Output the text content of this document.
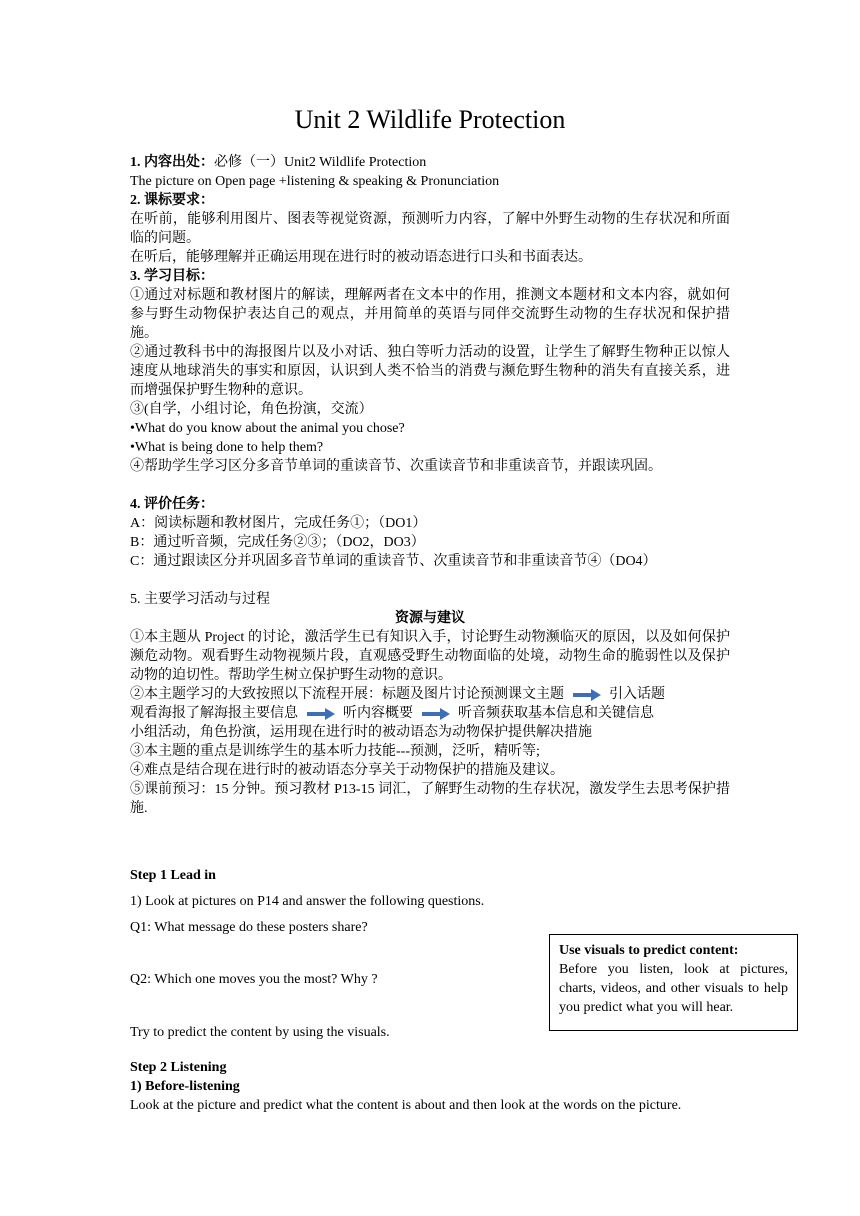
Unit 2 Wildlife Protection

1. 内容出处：必修（一）Unit2 Wildlife Protection

The picture on Open page +listening & speaking & Pronunciation

2. 课标要求：

在听前，能够利用图片、图表等视觉资源，预测听力内容，了解中外野生动物的生存状况和所面临的问题。

在听后，能够理解并正确运用现在进行时的被动语态进行口头和书面表达。

3. 学习目标：

①通过对标题和教材图片的解读，理解两者在文本中的作用，推测文本题材和文本内容，就如何参与野生动物保护表达自己的观点，并用简单的英语与同伴交流野生动物的生存状况和保护措施。

②通过教科书中的海报图片以及小对话、独白等听力活动的设置，让学生了解野生物种正以惊人速度从地球消失的事实和原因，认识到人类不恰当的消费与濒危野生物种的消失有直接关系，进而增强保护野生物种的意识。

③(自学，小组讨论，角色扮演，交流）

•What do you know about the animal you chose?

•What is being done to help them?

④帮助学生学习区分多音节单词的重读音节、次重读音节和非重读音节，并跟读巩固。

4. 评价任务：

A：阅读标题和教材图片，完成任务①；（DO1）

B：通过听音频，完成任务②③；（DO2，DO3）

C：通过跟读区分并巩固多音节单词的重读音节、次重读音节和非重读音节④（DO4）

5. 主要学习活动与过程

资源与建议

①本主题从 Project 的讨论，激活学生已有知识入手，讨论野生动物濒临灭的原因，以及如何保护濒危动物。观看野生动物视频片段，直观感受野生动物面临的处境，动物生命的脆弱性以及保护动物的迫切性。帮助学生树立保护野生动物的意识。

②本主题学习的大致按照以下流程开展：标题及图片讨论预测课文主题	引入话题

观看海报了解海报主要信息	听内容概要	听音频获取基本信息和关键信息

小组活动，角色扮演，运用现在进行时的被动语态为动物保护提供解决措施

③本主题的重点是训练学生的基本听力技能---预测，泛听，精听等;

④难点是结合现在进行时的被动语态分享关于动物保护的措施及建议。

⑤课前预习：15 分钟。预习教材 P13-15 词汇，了解野生动物的生存状况，激发学生去思考保护措施.

Step 1 Lead in

1) Look at pictures on P14 and answer the following questions.

Q1: What message do these posters share?

Q2: Which one moves you the most? Why ?

Try to predict the content by using the visuals.

Use visuals to predict content:
Before you listen, look at pictures, charts, videos, and other visuals to help you predict what you will hear.

Step 2 Listening

1) Before-listening

Look at the picture and predict what the content is about and then look at the words on the picture.
